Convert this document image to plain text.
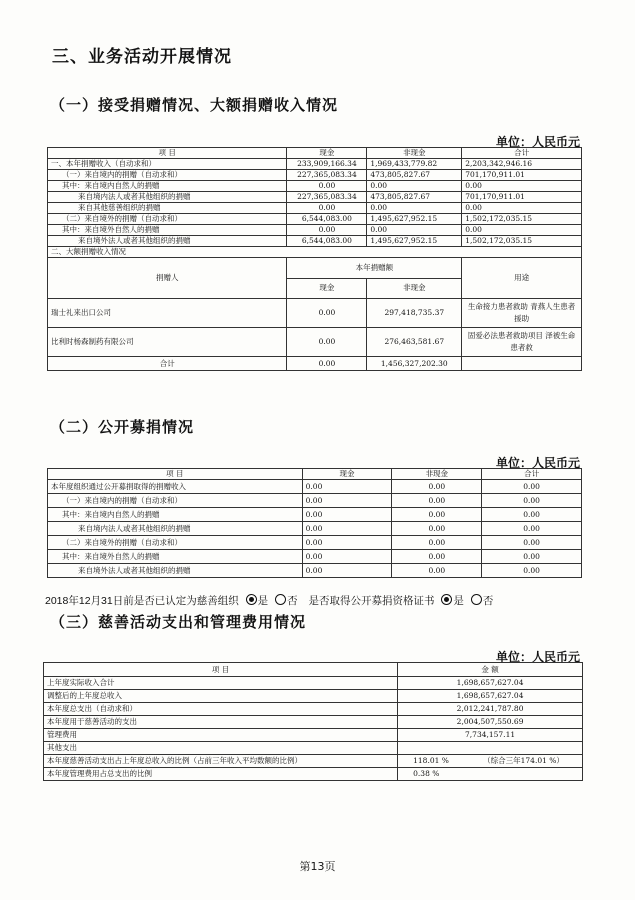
三、业务活动开展情况
（一）接受捐赠情况、大额捐赠收入情况
单位：人民币元
项 目	现金	非现金	合计
一、本年捐赠收入（自动求和）	233,909,166.34	1,969,433,779.82	2,203,342,946.16
（一）来自境内的捐赠（自动求和）	227,365,083.34	473,805,827.67	701,170,911.01
其中：来自境内自然人的捐赠	0.00	0.00	0.00
来自境内法人或者其他组织的捐赠	227,365,083.34	473,805,827.67	701,170,911.01
来自其他慈善组织的捐赠	0.00	0.00	0.00
（二）来自境外的捐赠（自动求和）	6,544,083.00	1,495,627,952.15	1,502,172,035.15
其中：来自境外自然人的捐赠	0.00	0.00	0.00
来自境外法人或者其他组织的捐赠	6,544,083.00	1,495,627,952.15	1,502,172,035.15
二、大额捐赠收入情况			
捐赠人	本年捐赠额		用途
	现金	非现金	
瑞士礼来出口公司	0.00	297,418,735.37	生命接力患者救助 青燕人生患者援助
比利时杨森制药有限公司	0.00	276,463,581.67	固爱必法患者救助项目 泽被生命患者救
合计	0.00	1,456,327,202.30	
（二）公开募捐情况
单位：人民币元
项 目	现金	非现金	合计
本年度组织通过公开募捐取得的捐赠收入	0.00	0.00	0.00
（一）来自境内的捐赠（自动求和）	0.00	0.00	0.00
其中：来自境内自然人的捐赠	0.00	0.00	0.00
来自境内法人或者其他组织的捐赠	0.00	0.00	0.00
（二）来自境外的捐赠（自动求和）	0.00	0.00	0.00
其中：来自境外自然人的捐赠	0.00	0.00	0.00
来自境外法人或者其他组织的捐赠	0.00	0.00	0.00
2018年12月31日前是否已认定为慈善组织 是 否 是否取得公开募捐资格证书 是 否
（三）慈善活动支出和管理费用情况
单位：人民币元
项 目	金 额
上年度实际收入合计	1,698,657,627.04
调整后的上年度总收入	1,698,657,627.04
本年度总支出（自动求和）	2,012,241,787.80
本年度用于慈善活动的支出	2,004,507,550.69
管理费用	7,734,157.11
其他支出	
本年度慈善活动支出占上年度总收入的比例（占前三年收入平均数额的比例）	118.01 % （综合三年174.01 %）
本年度管理费用占总支出的比例	0.38 %
第13页
